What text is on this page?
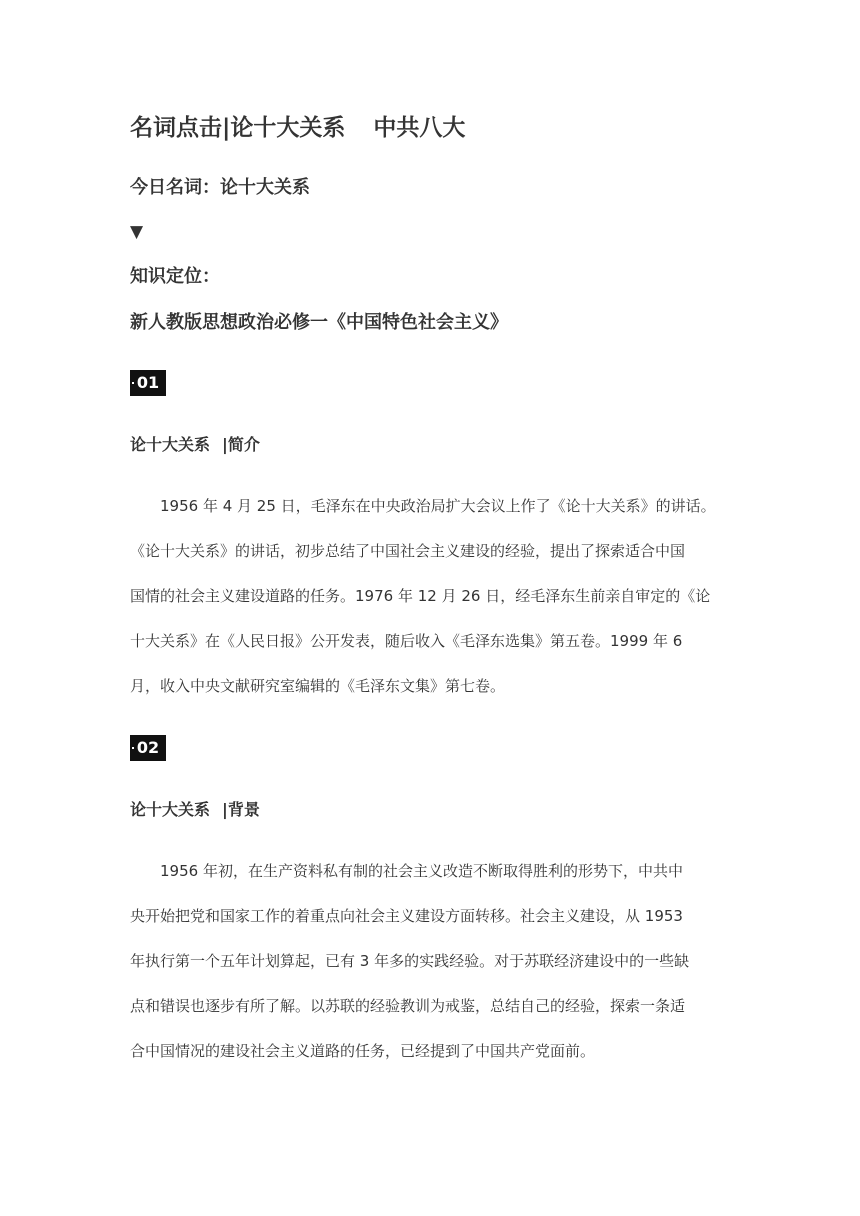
名词点击|论十大关系 中共八大
今日名词：论十大关系
▼
知识定位：
新人教版思想政治必修一《中国特色社会主义》
01
论十大关系 |简介
1956 年 4 月 25 日，毛泽东在中央政治局扩大会议上作了《论十大关系》的讲话。
《论十大关系》的讲话，初步总结了中国社会主义建设的经验，提出了探索适合中国
国情的社会主义建设道路的任务。1976 年 12 月 26 日，经毛泽东生前亲自审定的《论
十大关系》在《人民日报》公开发表，随后收入《毛泽东选集》第五卷。1999 年 6
月，收入中央文献研究室编辑的《毛泽东文集》第七卷。
02
论十大关系 |背景
1956 年初，在生产资料私有制的社会主义改造不断取得胜利的形势下，中共中
央开始把党和国家工作的着重点向社会主义建设方面转移。社会主义建设，从 1953
年执行第一个五年计划算起，已有 3 年多的实践经验。对于苏联经济建设中的一些缺
点和错误也逐步有所了解。以苏联的经验教训为戒鉴，总结自己的经验，探索一条适
合中国情况的建设社会主义道路的任务，已经提到了中国共产党面前。
